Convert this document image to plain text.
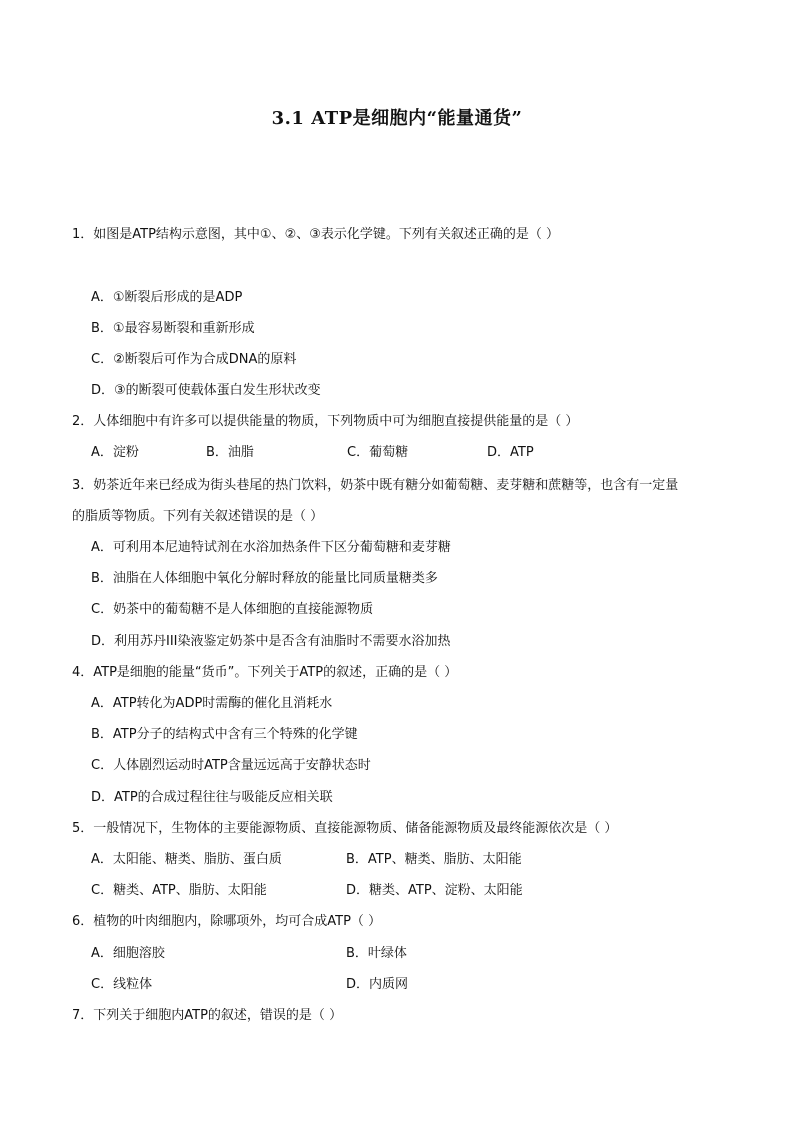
3.1 ATP是细胞内“能量通货”
1．如图是ATP结构示意图，其中①、②、③表示化学键。下列有关叙述正确的是（ ）
A．①断裂后形成的是ADP
B．①最容易断裂和重新形成
C．②断裂后可作为合成DNA的原料
D．③的断裂可使载体蛋白发生形状改变
2．人体细胞中有许多可以提供能量的物质，下列物质中可为细胞直接提供能量的是（ ）
A．淀粉	B．油脂	C．葡萄糖	D．ATP
3．奶茶近年来已经成为街头巷尾的热门饮料，奶茶中既有糖分如葡萄糖、麦芽糖和蔗糖等，也含有一定量
的脂质等物质。下列有关叙述错误的是（ ）
A．可利用本尼迪特试剂在水浴加热条件下区分葡萄糖和麦芽糖
B．油脂在人体细胞中氧化分解时释放的能量比同质量糖类多
C．奶茶中的葡萄糖不是人体细胞的直接能源物质
D．利用苏丹III染液鉴定奶茶中是否含有油脂时不需要水浴加热
4．ATP是细胞的能量“货币”。下列关于ATP的叙述，正确的是（ ）
A．ATP转化为ADP时需酶的催化且消耗水
B．ATP分子的结构式中含有三个特殊的化学键
C．人体剧烈运动时ATP含量远远高于安静状态时
D．ATP的合成过程往往与吸能反应相关联
5．一般情况下，生物体的主要能源物质、直接能源物质、储备能源物质及最终能源依次是（ ）
A．太阳能、糖类、脂肪、蛋白质	B．ATP、糖类、脂肪、太阳能
C．糖类、ATP、脂肪、太阳能	D．糖类、ATP、淀粉、太阳能
6．植物的叶肉细胞内，除哪项外，均可合成ATP（ ）
A．细胞溶胶	B．叶绿体
C．线粒体	D．内质网
7．下列关于细胞内ATP的叙述，错误的是（ ）
